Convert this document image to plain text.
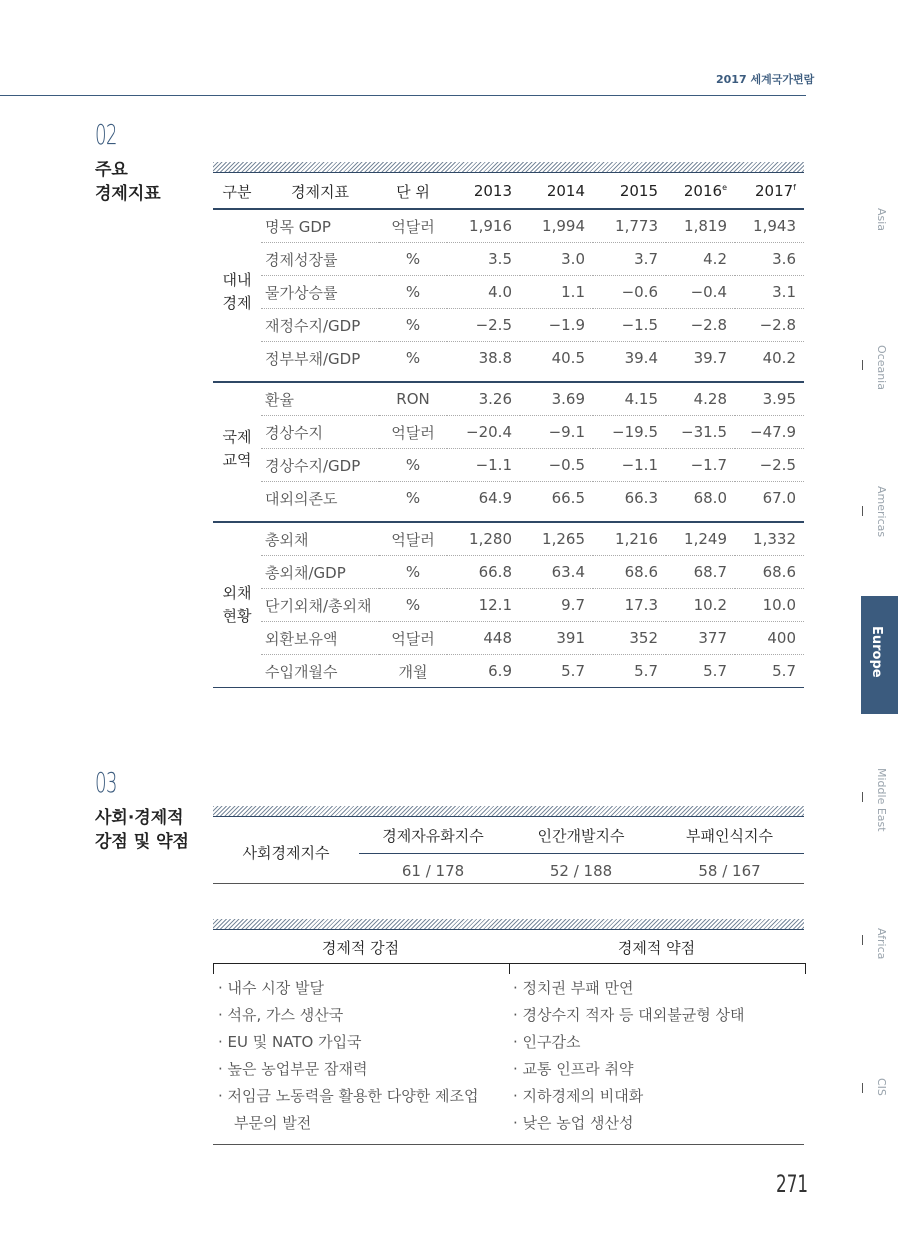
2017 세계국가편람
02
주요
경제지표	구분	경제지표	단 위	2013	2014	2015	2016e	2017$^f$

대내
경제	명목 GDP	억달러	1,916	1,994	1,773	1,819	1,943
	경제성장률	%	3.5	3.0	3.7	4.2	3.6
	물가상승률	%	4.0	1.1	−0.6	−0.4	3.1
	재정수지/GDP	%	−2.5	−1.9	−1.5	−2.8	−2.8
	정부부채/GDP	%	38.8	40.5	39.4	39.7	40.2

국제
교역	환율	RON	3.26	3.69	4.15	4.28	3.95
	경상수지	억달러	−20.4	−9.1	−19.5	−31.5	−47.9
	경상수지/GDP	%	−1.1	−0.5	−1.1	−1.7	−2.5
	대외의존도	%	64.9	66.5	66.3	68.0	67.0

외채
현황	총외채	억달러	1,280	1,265	1,216	1,249	1,332
	총외채/GDP	%	66.8	63.4	68.6	68.7	68.6
	단기외채/총외채	%	12.1	9.7	17.3	10.2	10.0
	외환보유액	억달러	448	391	352	377	400
	수입개월수	개월	6.9	5.7	5.7	5.7	5.7

03
사회·경제적
강점 및 약점
사회경제지수	경제자유화지수	인간개발지수	부패인식지수
	61 / 178	52 / 188	58 / 167
경제적 강점	경제적 약점
· 내수 시장 발달
· 석유, 가스 생산국
· EU 및 NATO 가입국
· 높은 농업부문 잠재력
· 저임금 노동력을 활용한 다양한 제조업
부문의 발전
· 정치권 부패 만연
· 경상수지 적자 등 대외불균형 상태
· 인구감소
· 교통 인프라 취약
· 지하경제의 비대화
· 낮은 농업 생산성
271
Asia
Oceania
Americas
Europe
Middle East
Africa
CIS
